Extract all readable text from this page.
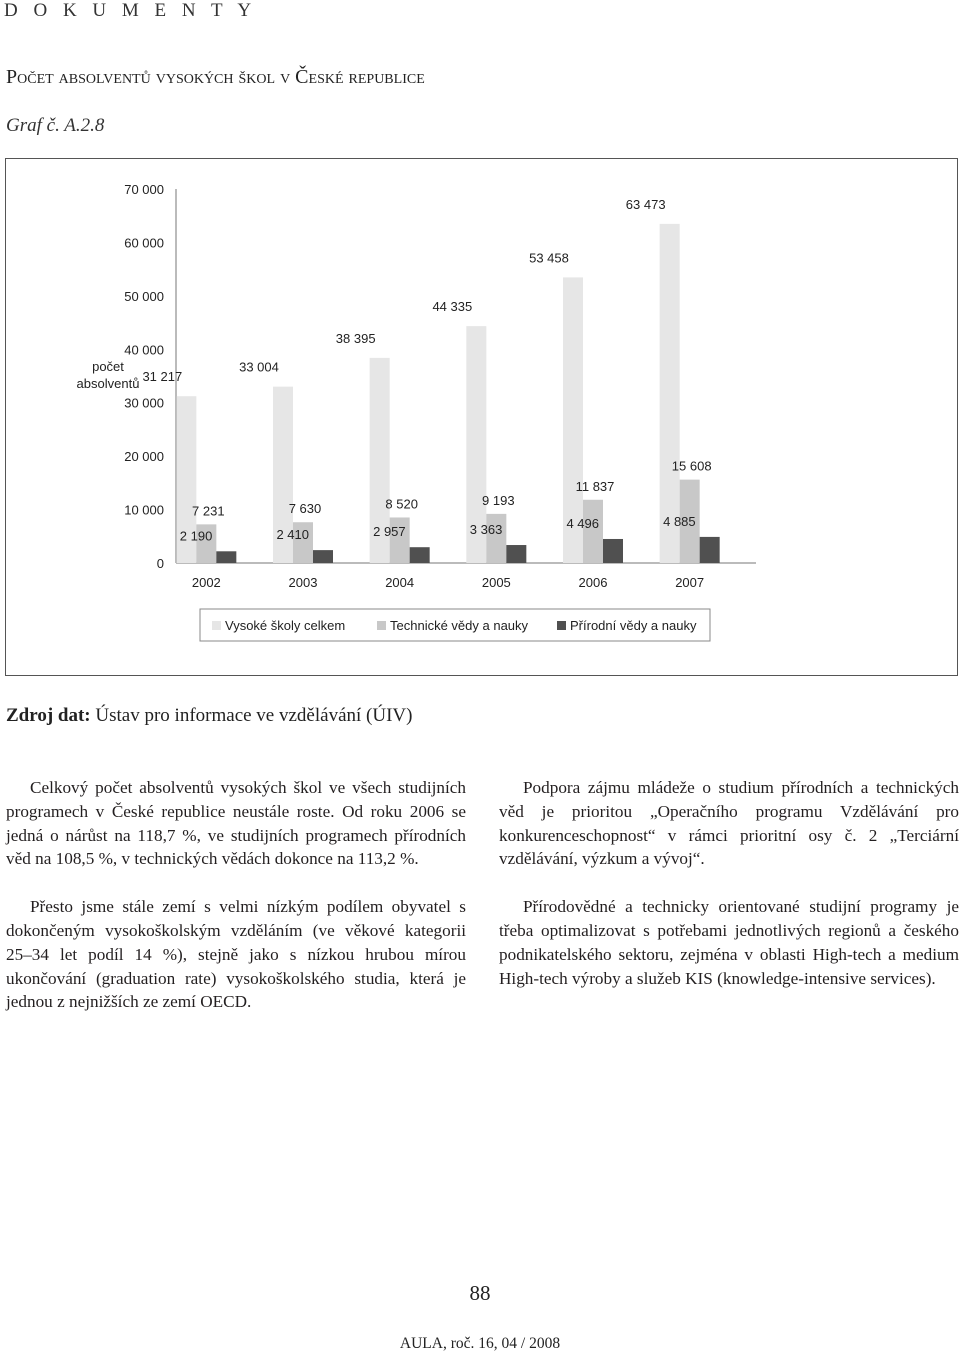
D O K U M E N T Y
Počet absolventů vysokých škol v České republice
Graf č. A.2.8
0
10 000
20 000
30 000
40 000
50 000
60 000
70 000
počet
absolventů 31 217
7 231
2 190
2002
33 004
7 630
2 410
2003
38 395
8 520
2 957
2004
44 335
9 193
3 363
2005
53 458
11 837
4 496
2006
63 473
15 608
4 885
2007
Vysoké školy celkem	Technické vědy a nauky	Přírodní vědy a nauky
Zdroj dat: Ústav pro informace ve vzdělávání (ÚIV)

Celkový počet absolventů vysokých škol ve všech studijních programech v České republice neustále roste. Od roku 2006 se jedná o nárůst na 118,7 %, ve studijních programech přírodních věd na 108,5 %, v technických vědách dokonce na 113,2 %.

Přesto jsme stále zemí s velmi nízkým podílem obyvatel s dokončeným vysokoškolským vzděláním (ve věkové kategorii 25–34 let podíl 14 %), stejně jako s nízkou hrubou mírou ukončování (graduation rate) vysokoškolského studia, která je jednou z nejnižších ze zemí OECD.

Podpora zájmu mládeže o studium přírodních a technických věd je prioritou „Operačního programu Vzdělávání pro konkurenceschopnost“ v rámci prioritní osy č. 2 „Terciární vzdělávání, výzkum a vývoj“.

Přírodovědné a technicky orientované studijní programy je třeba optimalizovat s potřebami jednotlivých regionů a českého podnikatelského sektoru, zejména v oblasti High-tech a medium High-tech výroby a služeb KIS (knowledge-intensive services).

88
AULA, roč. 16, 04 / 2008
